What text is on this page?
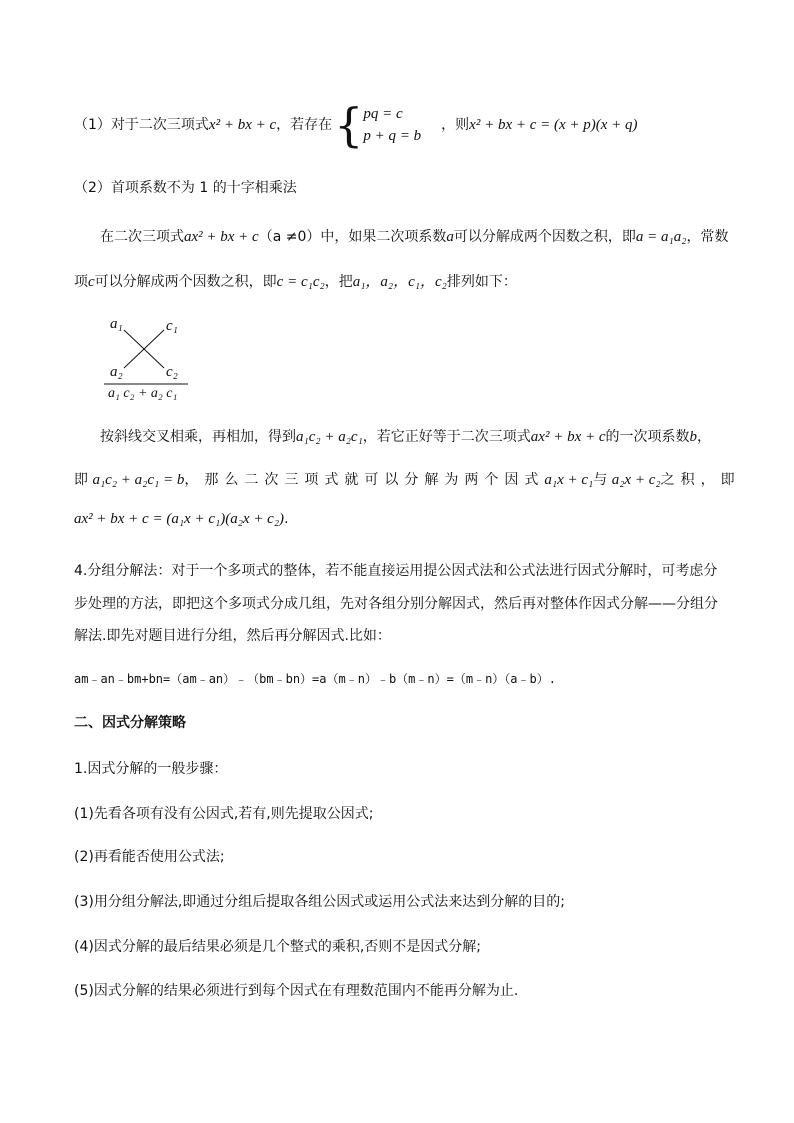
（1）对于二次三项式x² + bx + c，若存在{pq = c
p + q = b，则x² + bx + c = (x + p)(x + q)
（2）首项系数不为 1 的十字相乘法
在二次三项式ax² + bx + c（a ≠0）中，如果二次项系数a可以分解成两个因数之积，即a = a₁a₂，常数
项c可以分解成两个因数之积，即c = c₁c₂，把a₁，a₂，c₁，c₂排列如下：
a₁	c₁
a₂	c₂
a₁ c₂ + a₂ c₁
按斜线交叉相乘，再相加，得到a₁c₂ + a₂c₁，若它正好等于二次三项式ax² + bx + c的一次项系数b，
即 a₁c₂ + a₂c₁ = b，那么二次三项式就可以分解为两个因式a₁x + c₁与 a₂x + c₂之积，即
ax² + bx + c = (a₁x + c₁)(a₂x + c₂).
4.分组分解法：对于一个多项式的整体，若不能直接运用提公因式法和公式法进行因式分解时，可考虑分
步处理的方法，即把这个多项式分成几组，先对各组分别分解因式，然后再对整体作因式分解——分组分
解法.即先对题目进行分组，然后再分解因式.比如：
am﹣an﹣bm+bn=（am﹣an）﹣（bm﹣bn）=a（m﹣n）﹣b（m﹣n）=（m﹣n）（a﹣b）.
二、因式分解策略
1.因式分解的一般步骤：
(1)先看各项有没有公因式,若有,则先提取公因式;
(2)再看能否使用公式法;
(3)用分组分解法,即通过分组后提取各组公因式或运用公式法来达到分解的目的;
(4)因式分解的最后结果必须是几个整式的乘积,否则不是因式分解;
(5)因式分解的结果必须进行到每个因式在有理数范围内不能再分解为止.
